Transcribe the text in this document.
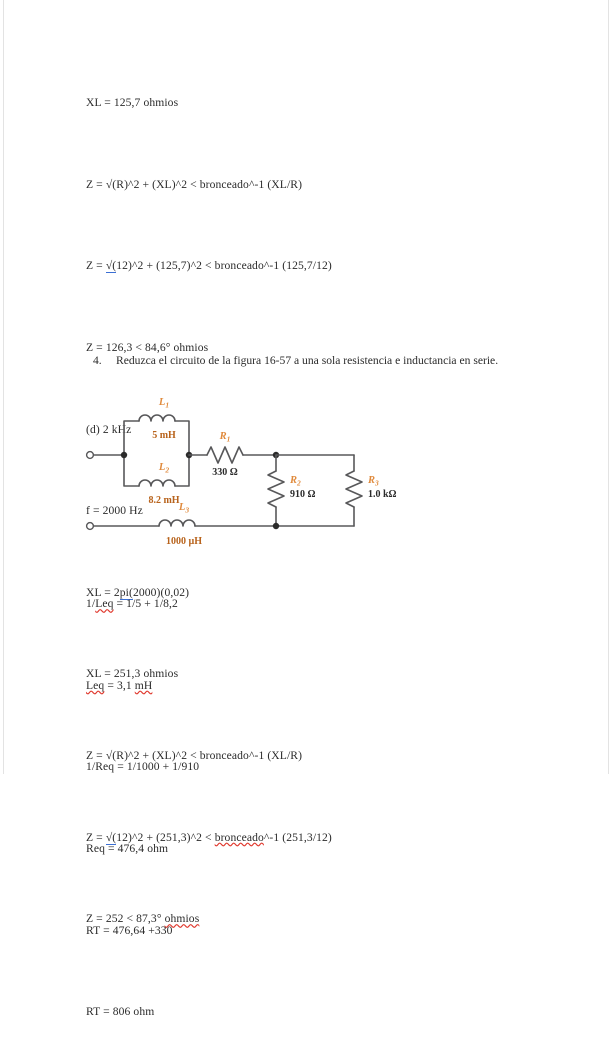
XL = 125,7 ohmios

Z = √(R)^2 + (XL)^2 < bronceado^-1 (XL/R)

Z = √(12)^2 + (125,7)^2 < bronceado^-1 (125,7/12)

Z = 126,3 < 84,6° ohmios

(d) 2 kHz

f = 2000 Hz

XL = 2pi(2000)(0,02)

XL = 251,3 ohmios

Z = √(R)^2 + (XL)^2 < bronceado^-1 (XL/R)

Z = √(12)^2 + (251,3)^2 < bronceado^-1 (251,3/12)

Z = 252 < 87,3° ohmios

4.	Reduzca el circuito de la figura 16-57 a una sola resistencia e inductancia en serie.
$L_1$
5 mH
$L_2$
8.2 mH
$L_3$
1000 µH
$R_1$
330 Ω
$R_2$
910 Ω
$R_3$
1.0 kΩ

1/Leq = 1/5 + 1/8,2

Leq = 3,1 mH

1/Req = 1/1000 + 1/910

Req = 476,4 ohm

RT = 476,64 +330

RT = 806 ohm
